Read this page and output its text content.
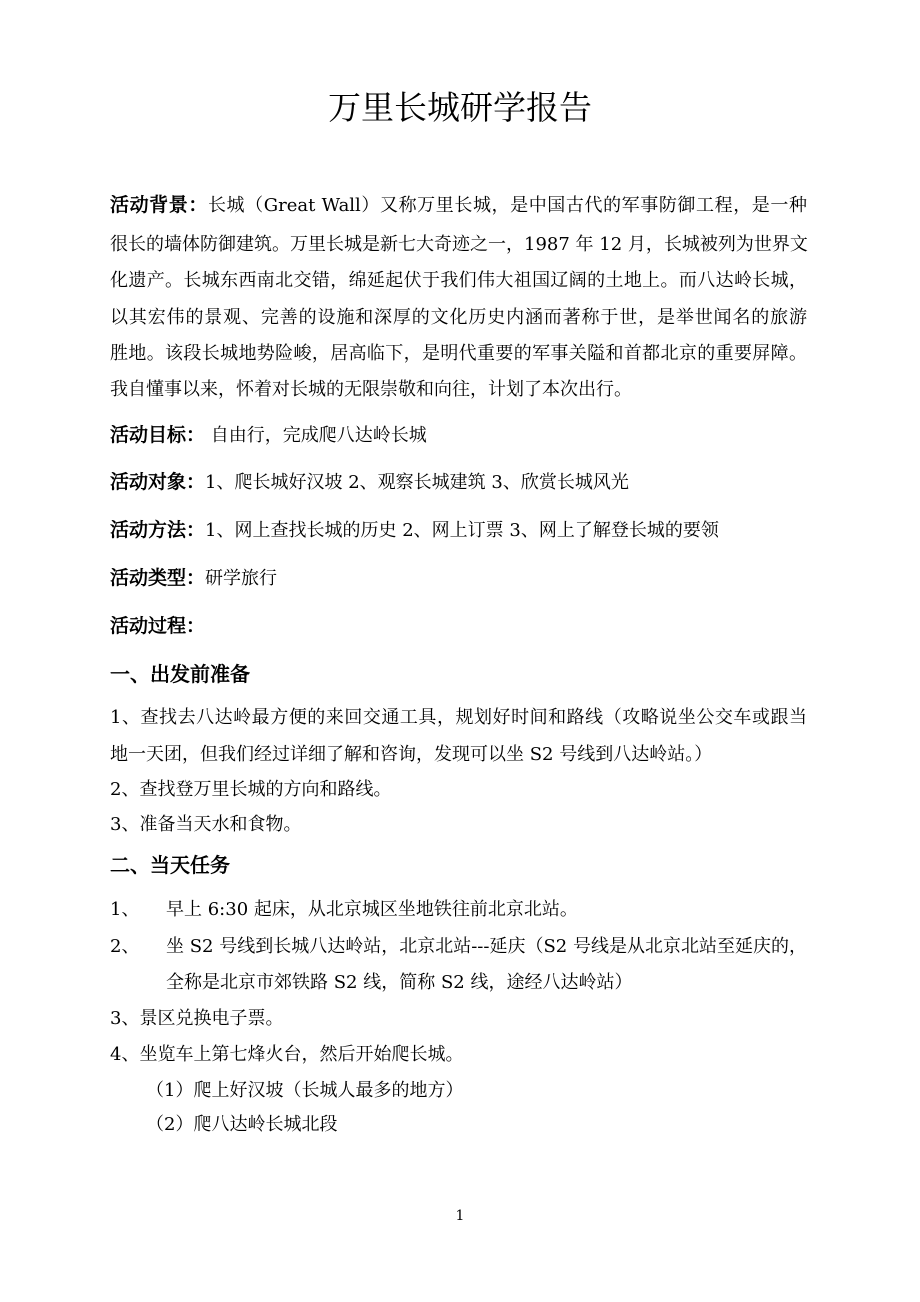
万里长城研学报告
活动背景：长城（Great Wall）又称万里长城，是中国古代的军事防御工程，是一种
很长的墙体防御建筑。万里长城是新七大奇迹之一，1987 年 12 月，长城被列为世界文
化遗产。长城东西南北交错，绵延起伏于我们伟大祖国辽阔的土地上。而八达岭长城，
以其宏伟的景观、完善的设施和深厚的文化历史内涵而著称于世，是举世闻名的旅游
胜地。该段长城地势险峻，居高临下，是明代重要的军事关隘和首都北京的重要屏障。
我自懂事以来，怀着对长城的无限崇敬和向往，计划了本次出行。
活动目标： 自由行，完成爬八达岭长城
活动对象：1、爬长城好汉坡 2、观察长城建筑 3、欣赏长城风光
活动方法：1、网上查找长城的历史 2、网上订票 3、网上了解登长城的要领
活动类型：研学旅行
活动过程：
一、出发前准备
1、查找去八达岭最方便的来回交通工具，规划好时间和路线（攻略说坐公交车或跟当
地一天团，但我们经过详细了解和咨询，发现可以坐 S2 号线到八达岭站。）
2、查找登万里长城的方向和路线。
3、准备当天水和食物。
二、当天任务
1、 早上 6:30 起床，从北京城区坐地铁往前北京北站。
2、 坐 S2 号线到长城八达岭站，北京北站---延庆（S2 号线是从北京北站至延庆的，
全称是北京市郊铁路 S2 线，简称 S2 线，途经八达岭站）
3、景区兑换电子票。
4、坐览车上第七烽火台，然后开始爬长城。
（1）爬上好汉坡（长城人最多的地方）
（2）爬八达岭长城北段
1
